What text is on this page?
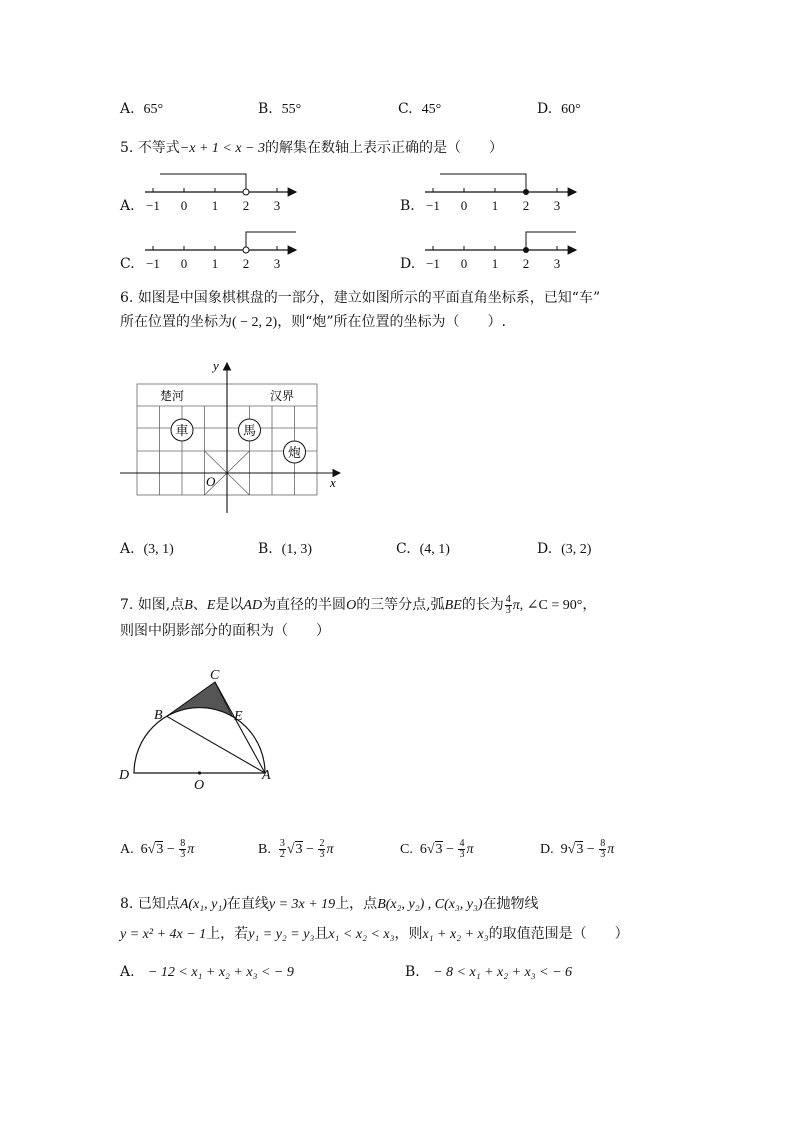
A. 65°	B. 55°	C. 45°	D. 60°
5. 不等式−x + 1 < x − 3的解集在数轴上表示正确的是（　　）
−1 0 1 2 3	−1 0 1 2 3
−1 0 1 2 3	−1 0 1 2 3
A.	B.
C.	D.
6. 如图是中国象棋棋盘的一部分，建立如图所示的平面直角坐标系，已知“车”
所在位置的坐标为( − 2, 2)，则“炮”所在位置的坐标为（　　）.
x
y
O
楚河	汉界
車	馬
炮
A. (3, 1)	B. (1, 3)	C. (4, 1)	D. (3, 2)
7. 如图,点B、E是以AD为直径的半圆O的三等分点,弧BE的长为 $\frac{4}{3} \pi$, ∠C = 90°，
则图中阴影部分的面积为（　　）
C
B	E
D
O
A
A. $6√3 - \frac{8}{3}$ π	B. $\frac{3}{2} √3 - \frac{2}{3}$ π	C. $6√3 - \frac{4}{3}$ π	D. $9√3 - \frac{8}{3}$ π
8. 已知点A(x₁, y₁)在直线y = 3x + 19上，点B(x₂, y₂) , C(x₃, y₃)在抛物线
y = x² + 4x − 1上，若y₁ = y₂ = y₃且x₁ < x₂ < x₃，则x₁ + x₂ + x₃的取值范围是（　　）
A. − 12 < x₁ + x₂ + x₃ < − 9	B. − 8 < x₁ + x₂ + x₃ < − 6
